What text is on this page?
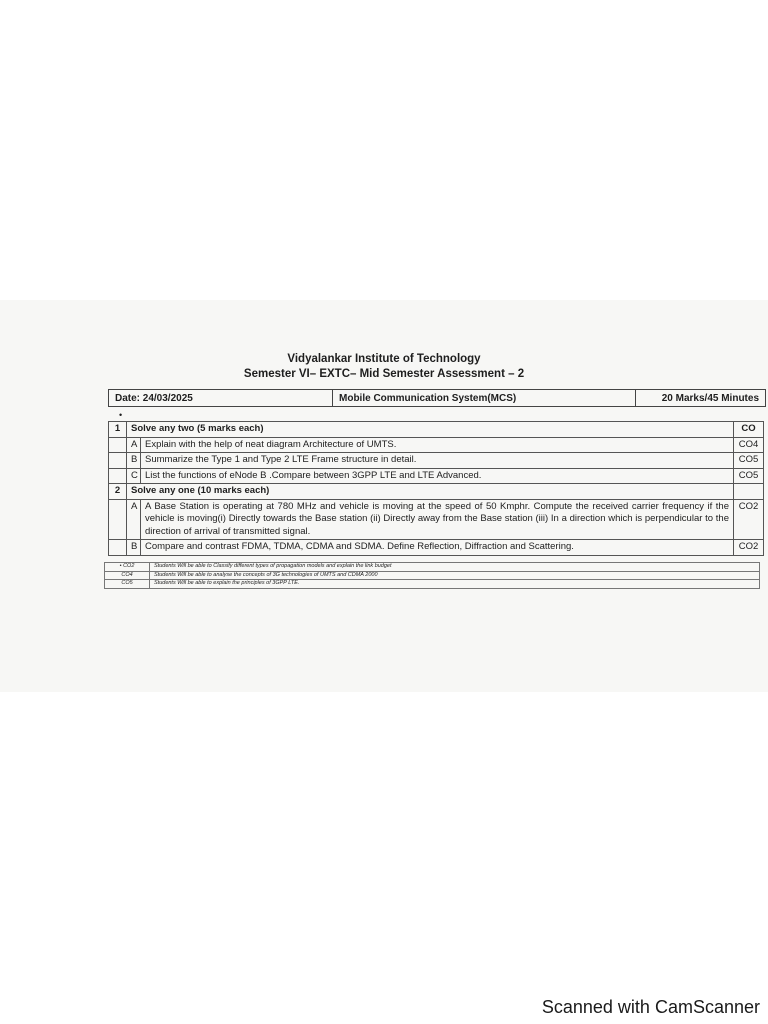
Vidyalankar Institute of Technology
Semester VI– EXTC– Mid Semester Assessment – 2
Date: 24/03/2025	Mobile Communication System(MCS)	20 Marks/45 Minutes
•
1	Solve any two (5 marks each)		CO
	A	Explain with the help of neat diagram Architecture of UMTS.	CO4
	B	Summarize the Type 1 and Type 2 LTE Frame structure in detail.	CO5
	C	List the functions of eNode B .Compare between 3GPP LTE and LTE Advanced.	CO5
2	Solve any one (10 marks each)		
	A	A Base Station is operating at 780 MHz and vehicle is moving at the speed of 50 Kmphr. Compute the received carrier frequency if the vehicle is moving(i) Directly towards the Base station (ii) Directly away from the Base station (iii) In a direction which is perpendicular to the direction of arrival of transmitted signal.	CO2
	B	Compare and contrast FDMA, TDMA, CDMA and SDMA. Define Reflection, Diffraction and Scattering.	CO2
• CO2	Students Will be able to Classify different types of propagation models and explain the link budget
CO4	Students Will be able to analyse the concepts of 3G technologies of UMTS and CDMA 2000
CO5	Students Will be able to explain the principles of 3GPP LTE.
Scanned with CamScanner
